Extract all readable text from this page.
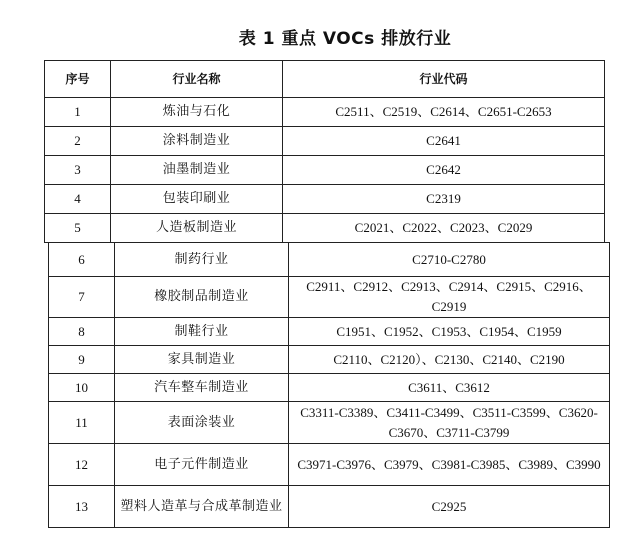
表 1 重点 VOCs 排放行业
序号	行业名称	行业代码
1	炼油与石化	C2511、C2519、C2614、C2651-C2653
2	涂料制造业	C2641
3	油墨制造业	C2642
4	包装印刷业	C2319
5	人造板制造业	C2021、C2022、C2023、C2029
6	制药行业	C2710-C2780
7	橡胶制品制造业	C2911、C2912、C2913、C2914、C2915、C2916、C2919
8	制鞋行业	C1951、C1952、C1953、C1954、C1959
9	家具制造业	C2110、C2120）、C2130、C2140、C2190
10	汽车整车制造业	C3611、C3612
11	表面涂装业	C3311-C3389、C3411-C3499、C3511-C3599、C3620-C3670、C3711-C3799
12	电子元件制造业	C3971-C3976、C3979、C3981-C3985、C3989、C3990
13	塑料人造革与合成革制造业	C2925
